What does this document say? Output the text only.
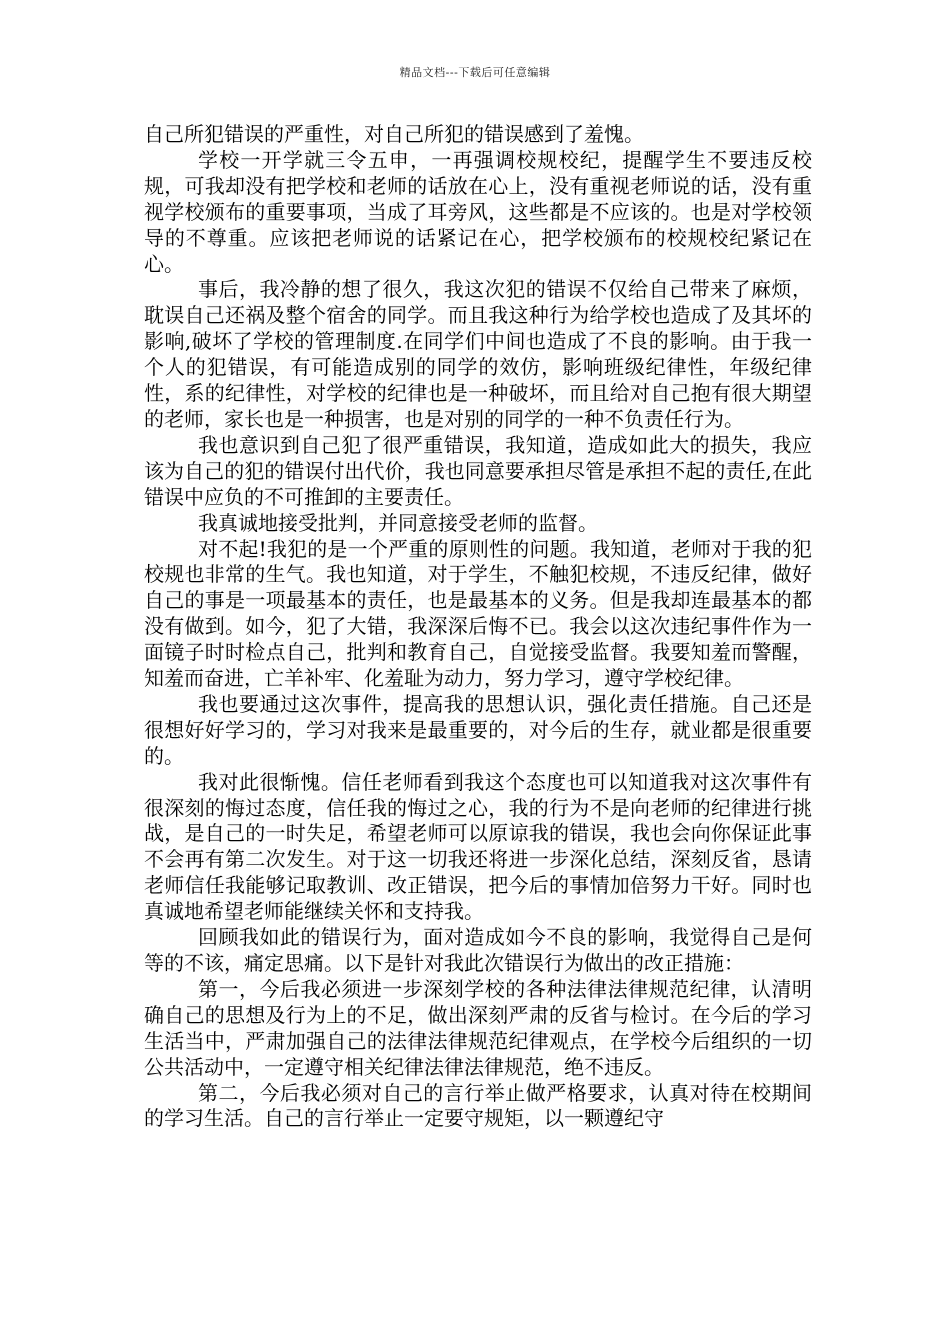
精品文档---下载后可任意编辑

自己所犯错误的严重性，对自己所犯的错误感到了羞愧。

学校一开学就三令五申，一再强调校规校纪，提醒学生不要违反校规，可我却没有把学校和老师的话放在心上，没有重视老师说的话，没有重视学校颁布的重要事项，当成了耳旁风，这些都是不应该的。也是对学校领导的不尊重。应该把老师说的话紧记在心，把学校颁布的校规校纪紧记在心。

事后，我冷静的想了很久，我这次犯的错误不仅给自己带来了麻烦，耽误自己还祸及整个宿舍的同学。而且我这种行为给学校也造成了及其坏的影响,破坏了学校的管理制度.在同学们中间也造成了不良的影响。由于我一个人的犯错误，有可能造成别的同学的效仿，影响班级纪律性，年级纪律性，系的纪律性，对学校的纪律也是一种破坏，而且给对自己抱有很大期望的老师，家长也是一种损害，也是对别的同学的一种不负责任行为。

我也意识到自己犯了很严重错误，我知道，造成如此大的损失，我应该为自己的犯的错误付出代价，我也同意要承担尽管是承担不起的责任,在此错误中应负的不可推卸的主要责任。

我真诚地接受批判，并同意接受老师的监督。

对不起!我犯的是一个严重的原则性的问题。我知道，老师对于我的犯校规也非常的生气。我也知道，对于学生，不触犯校规，不违反纪律，做好自己的事是一项最基本的责任，也是最基本的义务。但是我却连最基本的都没有做到。如今，犯了大错，我深深后悔不已。我会以这次违纪事件作为一面镜子时时检点自己，批判和教育自己，自觉接受监督。我要知羞而警醒，知羞而奋进，亡羊补牢、化羞耻为动力，努力学习，遵守学校纪律。

我也要通过这次事件，提高我的思想认识，强化责任措施。自己还是很想好好学习的，学习对我来是最重要的，对今后的生存，就业都是很重要的。

我对此很惭愧。信任老师看到我这个态度也可以知道我对这次事件有很深刻的悔过态度，信任我的悔过之心，我的行为不是向老师的纪律进行挑战，是自己的一时失足，希望老师可以原谅我的错误，我也会向你保证此事不会再有第二次发生。对于这一切我还将进一步深化总结，深刻反省，恳请老师信任我能够记取教训、改正错误，把今后的事情加倍努力干好。同时也真诚地希望老师能继续关怀和支持我。

回顾我如此的错误行为，面对造成如今不良的影响，我觉得自己是何等的不该，痛定思痛。以下是针对我此次错误行为做出的改正措施：

第一，今后我必须进一步深刻学校的各种法律法律规范纪律，认清明确自己的思想及行为上的不足，做出深刻严肃的反省与检讨。在今后的学习生活当中，严肃加强自己的法律法律规范纪律观点，在学校今后组织的一切公共活动中，一定遵守相关纪律法律法律规范，绝不违反。

第二，今后我必须对自己的言行举止做严格要求，认真对待在校期间的学习生活。自己的言行举止一定要守规矩，以一颗遵纪守
